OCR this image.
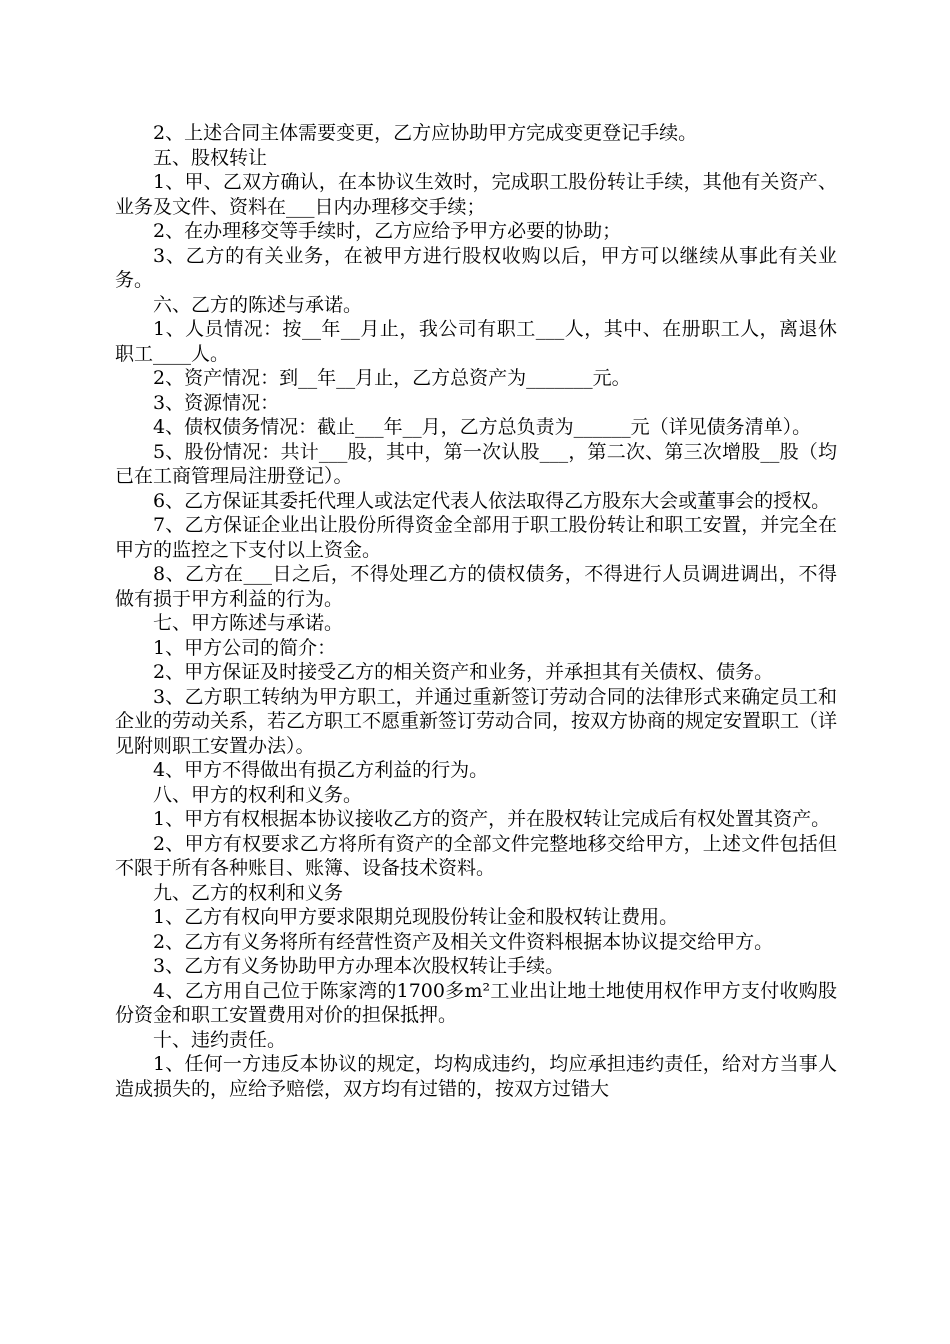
2、上述合同主体需要变更，乙方应协助甲方完成变更登记手续。

五、股权转让

1、甲、乙双方确认，在本协议生效时，完成职工股份转让手续，其他有关资产、业务及文件、资料在___日内办理移交手续；

2、在办理移交等手续时，乙方应给予甲方必要的协助；

3、乙方的有关业务，在被甲方进行股权收购以后，甲方可以继续从事此有关业务。

六、乙方的陈述与承诺。

1、人员情况：按__年__月止，我公司有职工___人，其中、在册职工人，离退休职工____人。

2、资产情况：到__年__月止，乙方总资产为_______元。

3、资源情况：

4、债权债务情况：截止___年__月，乙方总负责为______元（详见债务清单）。

5、股份情况：共计___股，其中，第一次认股___，第二次、第三次增股__股（均已在工商管理局注册登记）。

6、乙方保证其委托代理人或法定代表人依法取得乙方股东大会或董事会的授权。

7、乙方保证企业出让股份所得资金全部用于职工股份转让和职工安置，并完全在甲方的监控之下支付以上资金。

8、乙方在___日之后，不得处理乙方的债权债务，不得进行人员调进调出，不得做有损于甲方利益的行为。

七、甲方陈述与承诺。

1、甲方公司的简介：

2、甲方保证及时接受乙方的相关资产和业务，并承担其有关债权、债务。

3、乙方职工转纳为甲方职工，并通过重新签订劳动合同的法律形式来确定员工和企业的劳动关系，若乙方职工不愿重新签订劳动合同，按双方协商的规定安置职工（详见附则职工安置办法）。

4、甲方不得做出有损乙方利益的行为。

八、甲方的权利和义务。

1、甲方有权根据本协议接收乙方的资产，并在股权转让完成后有权处置其资产。

2、甲方有权要求乙方将所有资产的全部文件完整地移交给甲方，上述文件包括但不限于所有各种账目、账簿、设备技术资料。

九、乙方的权利和义务

1、乙方有权向甲方要求限期兑现股份转让金和股权转让费用。

2、乙方有义务将所有经营性资产及相关文件资料根据本协议提交给甲方。

3、乙方有义务协助甲方办理本次股权转让手续。

4、乙方用自己位于陈家湾的1700多m²工业出让地土地使用权作甲方支付收购股份资金和职工安置费用对价的担保抵押。

十、违约责任。

1、任何一方违反本协议的规定，均构成违约，均应承担违约责任，给对方当事人造成损失的，应给予赔偿，双方均有过错的，按双方过错大
